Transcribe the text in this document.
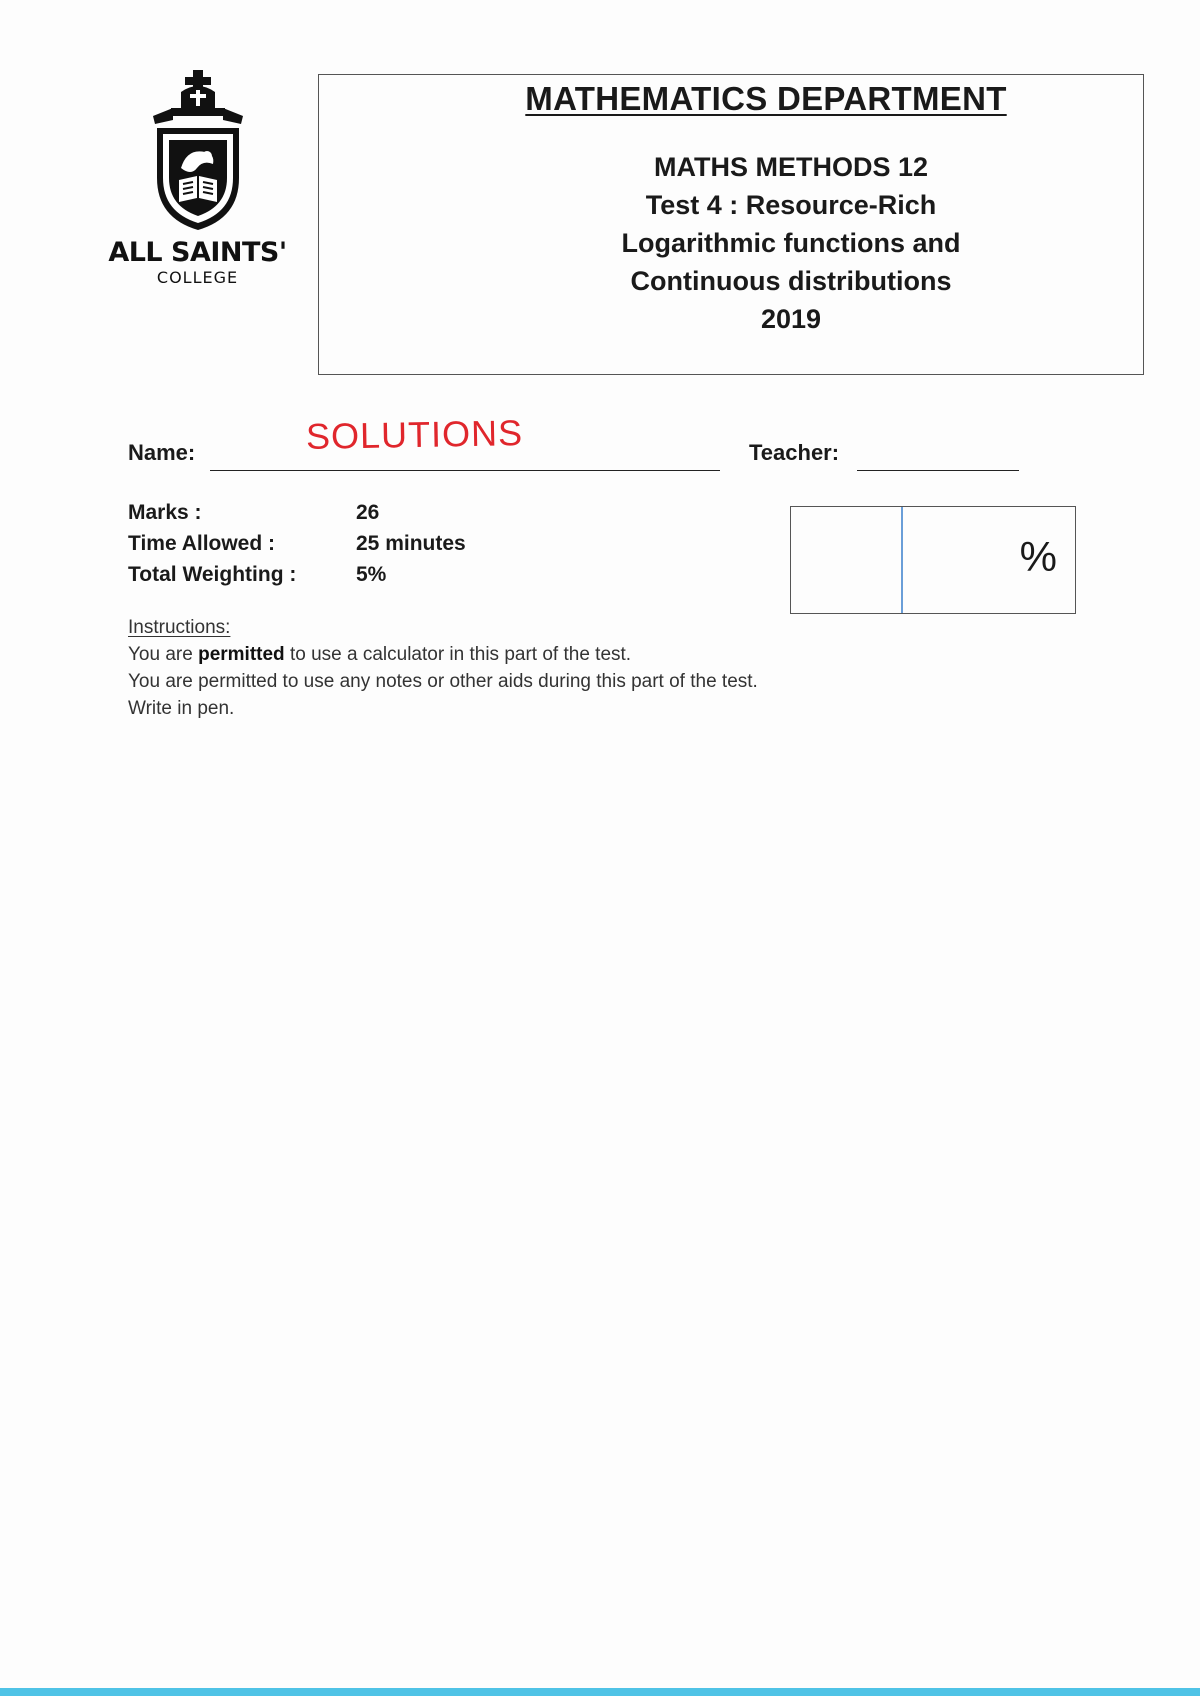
ALL SAINTS'
COLLEGE
MATHEMATICS DEPARTMENT
MATHS METHODS 12
Test 4 : Resource-Rich
Logarithmic functions and
Continuous distributions
2019
Name:	SOLUTIONS	Teacher:
Marks :	26
Time Allowed :	25 minutes
Total Weighting :	5%	%
Instructions:
You are permitted to use a calculator in this part of the test.
You are permitted to use any notes or other aids during this part of the test.
Write in pen.
